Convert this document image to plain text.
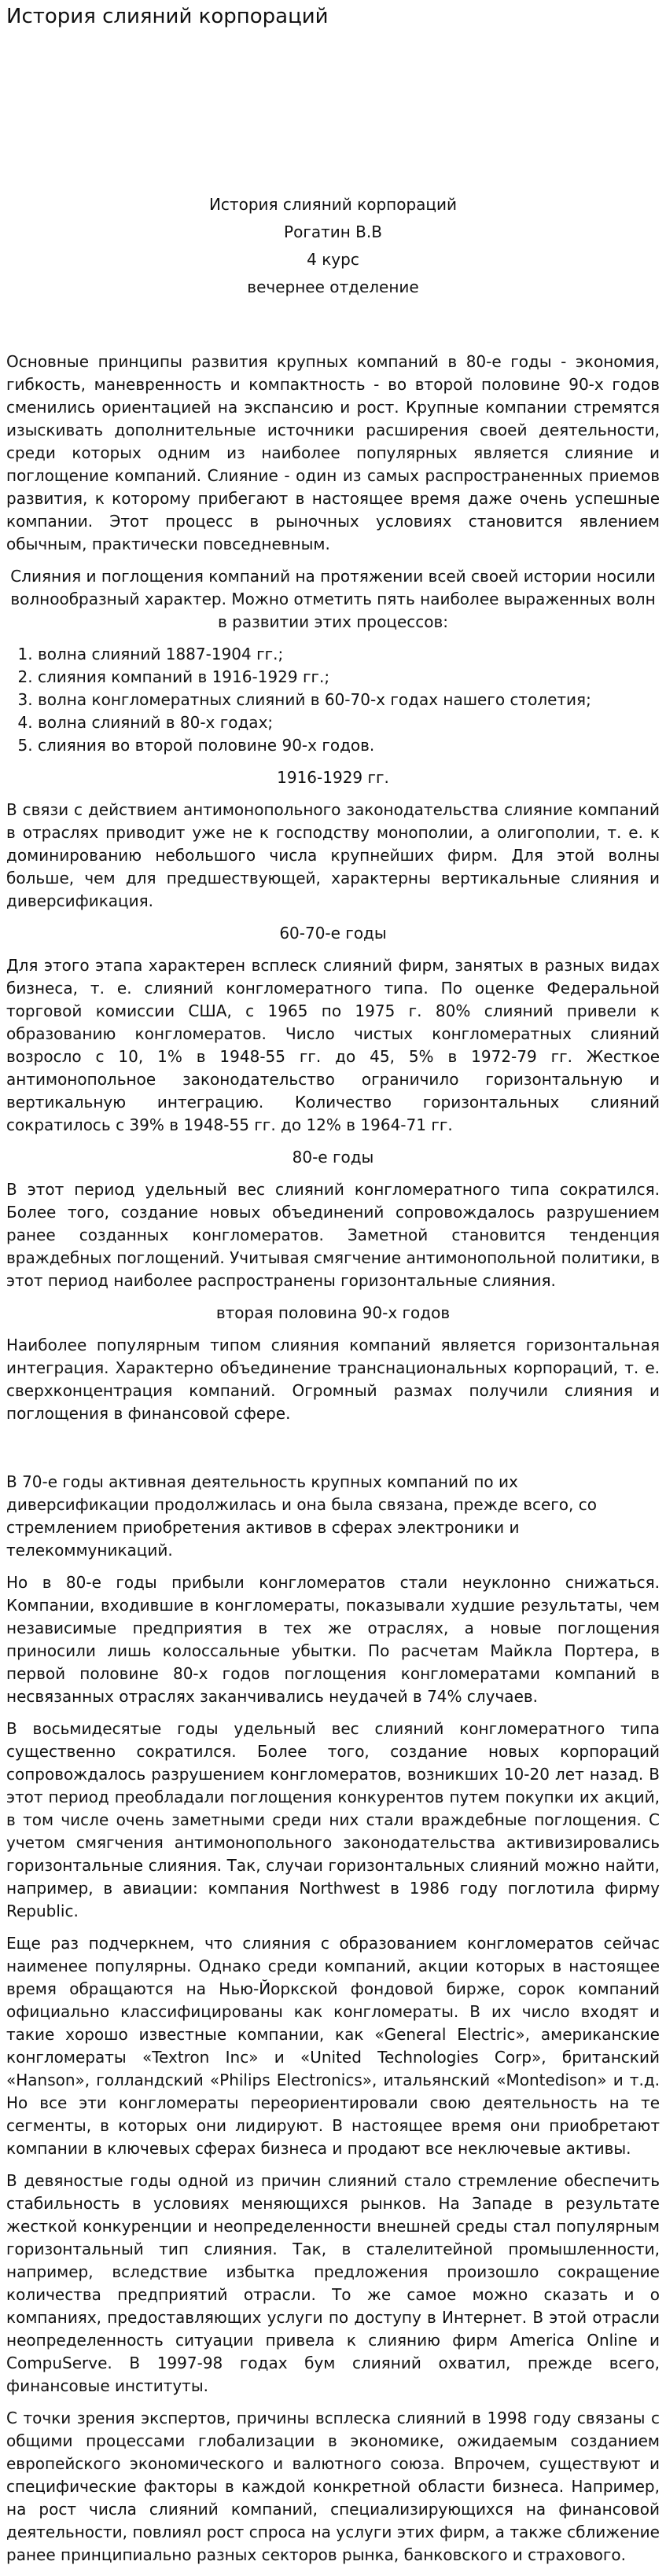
История слияний корпораций
История слияний корпораций
Рогатин В.В
4 курс
вечернее отделение

Основные принципы развития крупных компаний в 80-е годы - экономия, гибкость, маневренность и компактность - во второй половине 90-х годов сменились ориентацией на экспансию и рост. Крупные компании стремятся изыскивать дополнительные источники расширения своей деятельности, среди которых одним из наиболее популярных является слияние и поглощение компаний. Слияние - один из самых распространенных приемов развития, к которому прибегают в настоящее время даже очень успешные компании. Этот процесс в рыночных условиях становится явлением обычным, практически повседневным.

Слияния и поглощения компаний на протяжении всей своей истории носили волнообразный характер. Можно отметить пять наиболее выраженных волн в развитии этих процессов:

1. волна слияний 1887-1904 гг.;
2. слияния компаний в 1916-1929 гг.;
3. волна конгломератных слияний в 60-70-х годах нашего столетия;
4. волна слияний в 80-х годах;
5. слияния во второй половине 90-х годов.
1916-1929 гг.

В связи с действием антимонопольного законодательства слияние компаний в отраслях приводит уже не к господству монополии, а олигополии, т. е. к доминированию небольшого числа крупнейших фирм. Для этой волны больше, чем для предшествующей, характерны вертикальные слияния и диверсификация.

60-70-е годы

Для этого этапа характерен всплеск слияний фирм, занятых в разных видах бизнеса, т. е. слияний конгломератного типа. По оценке Федеральной торговой комиссии США, с 1965 по 1975 г. 80% слияний привели к образованию конгломератов. Число чистых конгломератных слияний возросло с 10, 1% в 1948-55 гг. до 45, 5% в 1972-79 гг. Жесткое антимонопольное законодательство ограничило горизонтальную и вертикальную интеграцию. Количество горизонтальных слияний сократилось с 39% в 1948-55 гг. до 12% в 1964-71 гг.

80-е годы

В этот период удельный вес слияний конгломератного типа сократился. Более того, создание новых объединений сопровождалось разрушением ранее созданных конгломератов. Заметной становится тенденция враждебных поглощений. Учитывая смягчение антимонопольной политики, в этот период наиболее распространены горизонтальные слияния.

вторая половина 90-х годов

Наиболее популярным типом слияния компаний является горизонтальная интеграция. Характерно объединение транснациональных корпораций, т. е. сверхконцентрация компаний. Огромный размах получили слияния и поглощения в финансовой сфере.

В 70-е годы активная деятельность крупных компаний по их диверсификации продолжилась и она была связана, прежде всего, со стремлением приобретения активов в сферах электроники и телекоммуникаций.

Но в 80-е годы прибыли конгломератов стали неуклонно снижаться. Компании, входившие в конгломераты, показывали худшие результаты, чем независимые предприятия в тех же отраслях, а новые поглощения приносили лишь колоссальные убытки. По расчетам Майкла Портера, в первой половине 80-х годов поглощения конгломератами компаний в несвязанных отраслях заканчивались неудачей в 74% случаев.

В восьмидесятые годы удельный вес слияний конгломератного типа существенно сократился. Более того, создание новых корпораций сопровождалось разрушением конгломератов, возникших 10-20 лет назад. В этот период преобладали поглощения конкурентов путем покупки их акций, в том числе очень заметными среди них стали враждебные поглощения. С учетом смягчения антимонопольного законодательства активизировались горизонтальные слияния. Так, случаи горизонтальных слияний можно найти, например, в авиации: компания Northwest в 1986 году поглотила фирму Republic.

Еще раз подчеркнем, что слияния с образованием конгломератов сейчас наименее популярны. Однако среди компаний, акции которых в настоящее время обращаются на Нью-Йоркской фондовой бирже, сорок компаний официально классифицированы как конгломераты. В их число входят и такие хорошо известные компании, как «General Electric», американские конгломераты «Textron Inc» и «United Technologies Corp», британский «Hanson», голландский «Philips Electronics», итальянский «Montedison» и т.д. Но все эти конгломераты переориентировали свою деятельность на те сегменты, в которых они лидируют. В настоящее время они приобретают компании в ключевых сферах бизнеса и продают все неключевые активы.

В девяностые годы одной из причин слияний стало стремление обеспечить стабильность в условиях меняющихся рынков. На Западе в результате жесткой конкуренции и неопределенности внешней среды стал популярным горизонтальный тип слияния. Так, в сталелитейной промышленности, например, вследствие избытка предложения произошло сокращение количества предприятий отрасли. То же самое можно сказать и о компаниях, предоставляющих услуги по доступу в Интернет. В этой отрасли неопределенность ситуации привела к слиянию фирм America Online и CompuServe. В 1997-98 годах бум слияний охватил, прежде всего, финансовые институты.

С точки зрения экспертов, причины всплеска слияний в 1998 году связаны с общими процессами глобализации в экономике, ожидаемым созданием европейского экономического и валютного союза. Впрочем, существуют и специфические факторы в каждой конкретной области бизнеса. Например, на рост числа слияний компаний, специализирующихся на финансовой деятельности, повлиял рост спроса на услуги этих фирм, а также сближение ранее принципиально разных секторов рынка, банковского и страхового.
